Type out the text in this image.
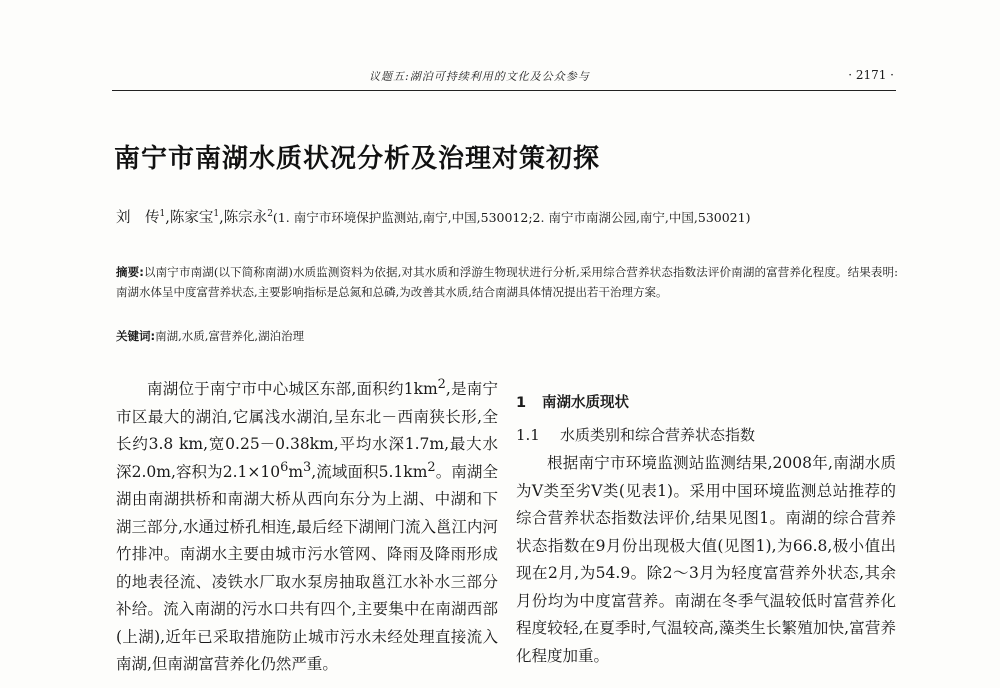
议题五:湖泊可持续利用的文化及公众参与	· 2171 ·
南宁市南湖水质状况分析及治理对策初探
刘　传$^1$,陈家宝$^1$,陈宗永$^2$(1. 南宁市环境保护监测站,南宁,中国,530012;2. 南宁市南湖公园,南宁,中国,530021)
摘要:以南宁市南湖(以下简称南湖)水质监测资料为依据,对其水质和浮游生物现状进行分析,采用综合营养状态指数法评价南湖的富营养化程度。结果表明:南湖水体呈中度富营养状态,主要影响指标是总氮和总磷,为改善其水质,结合南湖具体情况提出若干治理方案。
关键词:南湖,水质,富营养化,湖泊治理

南湖位于南宁市中心城区东部,面积约$1km^2$,是南宁市区最大的湖泊,它属浅水湖泊,呈东北－西南狭长形,全长约3.8 km,宽0.25－0.38km,平均水深1.7m,最大水深2.0m,容积为$2.1\times 10^6m^3$,流域面积$5.1km^2$。南湖全湖由南湖拱桥和南湖大桥从西向东分为上湖、中湖和下湖三部分,水通过桥孔相连,最后经下湖闸门流入邕江内河竹排冲。南湖水主要由城市污水管网、降雨及降雨形成的地表径流、凌铁水厂取水泵房抽取邕江水补水三部分补给。流入南湖的污水口共有四个,主要集中在南湖西部(上湖),近年已采取措施防止城市污水未经处理直接流入南湖,但南湖富营养化仍然严重。

1 南湖水质现状
1.1 水质类别和综合营养状态指数

根据南宁市环境监测站监测结果,2008年,南湖水质为V类至劣V类(见表1)。采用中国环境监测总站推荐的综合营养状态指数法评价,结果见图1。南湖的综合营养状态指数在9月份出现极大值(见图1),为66.8,极小值出现在2月,为54.9。除2～3月为轻度富营养外状态,其余月份均为中度富营养。南湖在冬季气温较低时富营养化程度较轻,在夏季时,气温较高,藻类生长繁殖加快,富营养化程度加重。
